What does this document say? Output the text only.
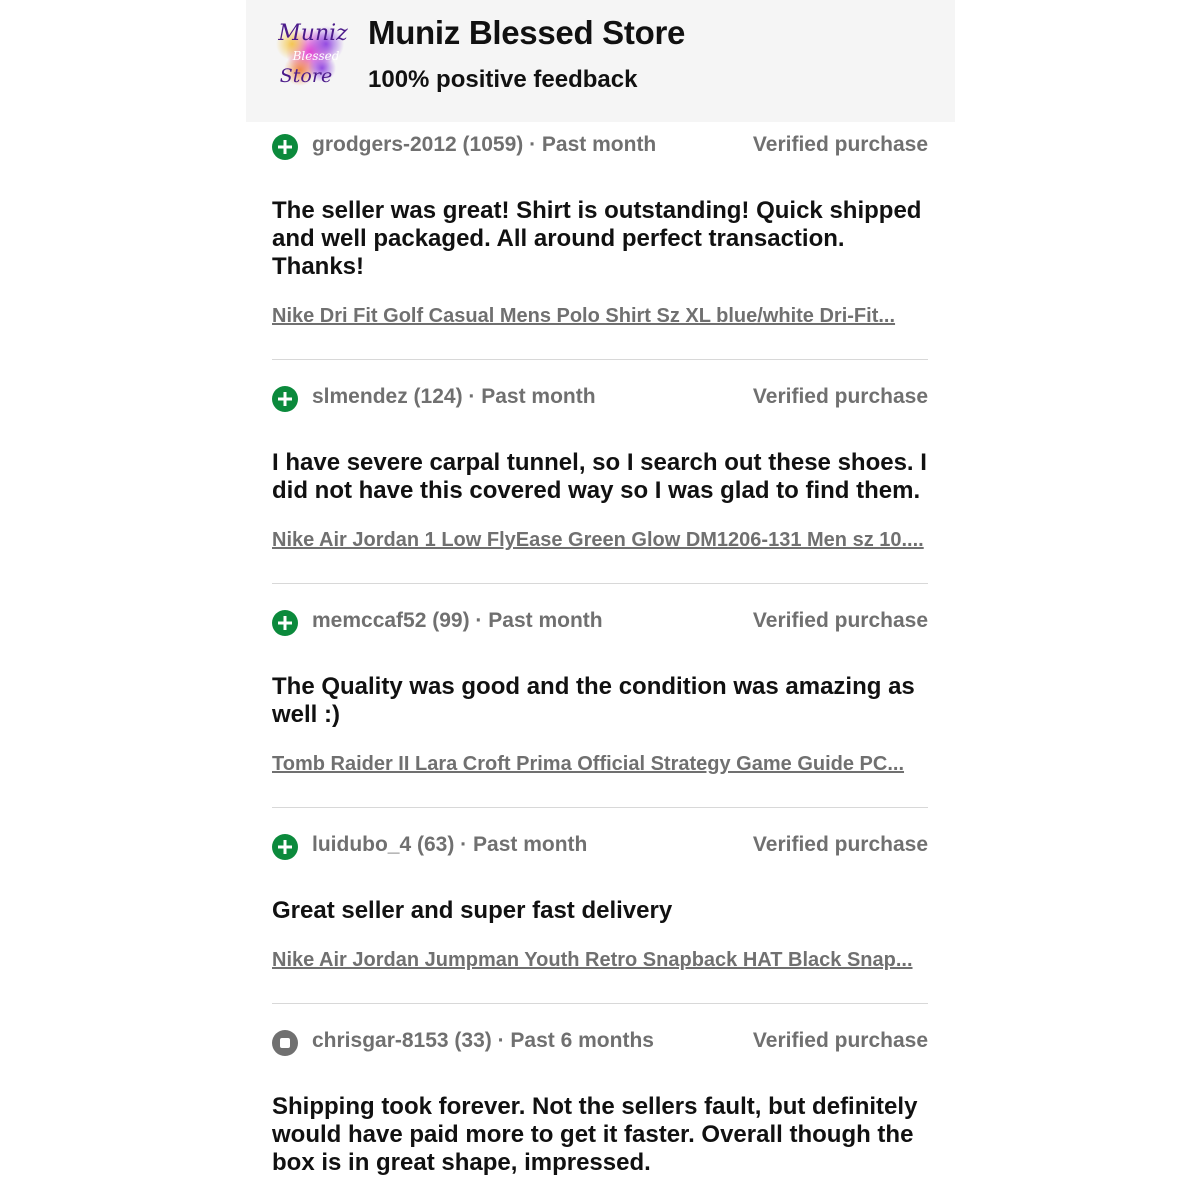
Muniz
Blessed
Store
Muniz Blessed Store
100% positive feedback
grodgers-2012 (1059) · Past month	Verified purchase
The seller was great! Shirt is outstanding! Quick shipped and well packaged. All around perfect transaction. Thanks!
Nike Dri Fit Golf Casual Mens Polo Shirt Sz XL blue/white Dri-Fit...
slmendez (124) · Past month	Verified purchase
I have severe carpal tunnel, so I search out these shoes. I did not have this covered way so I was glad to find them.
Nike Air Jordan 1 Low FlyEase Green Glow DM1206-131 Men sz 10....
memccaf52 (99) · Past month	Verified purchase
The Quality was good and the condition was amazing as well :)
Tomb Raider II Lara Croft Prima Official Strategy Game Guide PC...
luidubo_4 (63) · Past month	Verified purchase
Great seller and super fast delivery
Nike Air Jordan Jumpman Youth Retro Snapback HAT Black Snap...
chrisgar-8153 (33) · Past 6 months	Verified purchase
Shipping took forever. Not the sellers fault, but definitely would have paid more to get it faster. Overall though the box is in great shape, impressed.
